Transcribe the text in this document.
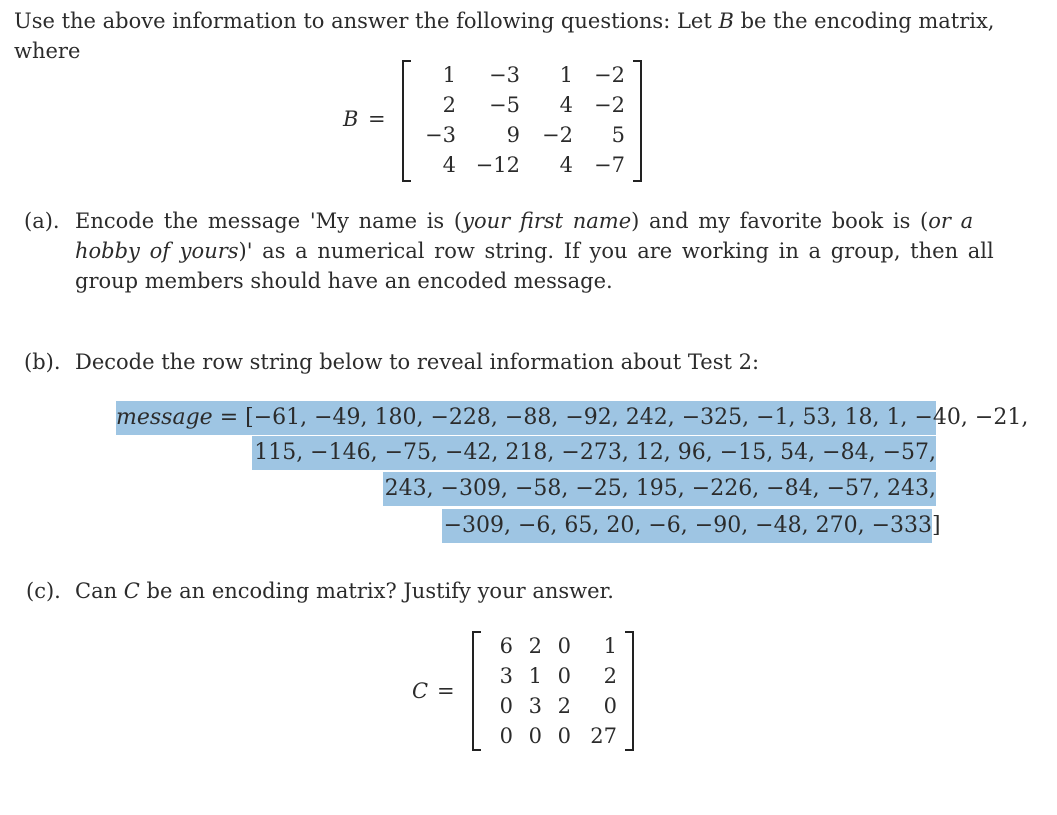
Use the above information to answer the following questions: Let B be the encoding matrix,
where
B =
1 −3 1 −2
2 −5 4 −2
−3 9 −2 5
4 −12 4 −7
(a). Encode the message 'My name is (your first name) and my favorite book is (or a
hobby of yours)' as a numerical row string. If you are working in a group, then all
group members should have an encoded message.
(b). Decode the row string below to reveal information about Test 2:
message = [−61, −49, 180, −228, −88, −92, 242, −325, −1, 53, 18, 1, −40, −21,
115, −146, −75, −42, 218, −273, 12, 96, −15, 54, −84, −57,
243, −309, −58, −25, 195, −226, −84, −57, 243,
−309, −6, 65, 20, −6, −90, −48, 270, −333 ]
(c). Can C be an encoding matrix? Justify your answer.
C =
6 2 0 1
3 1 0 2
0 3 2 0
0 0 0 27
